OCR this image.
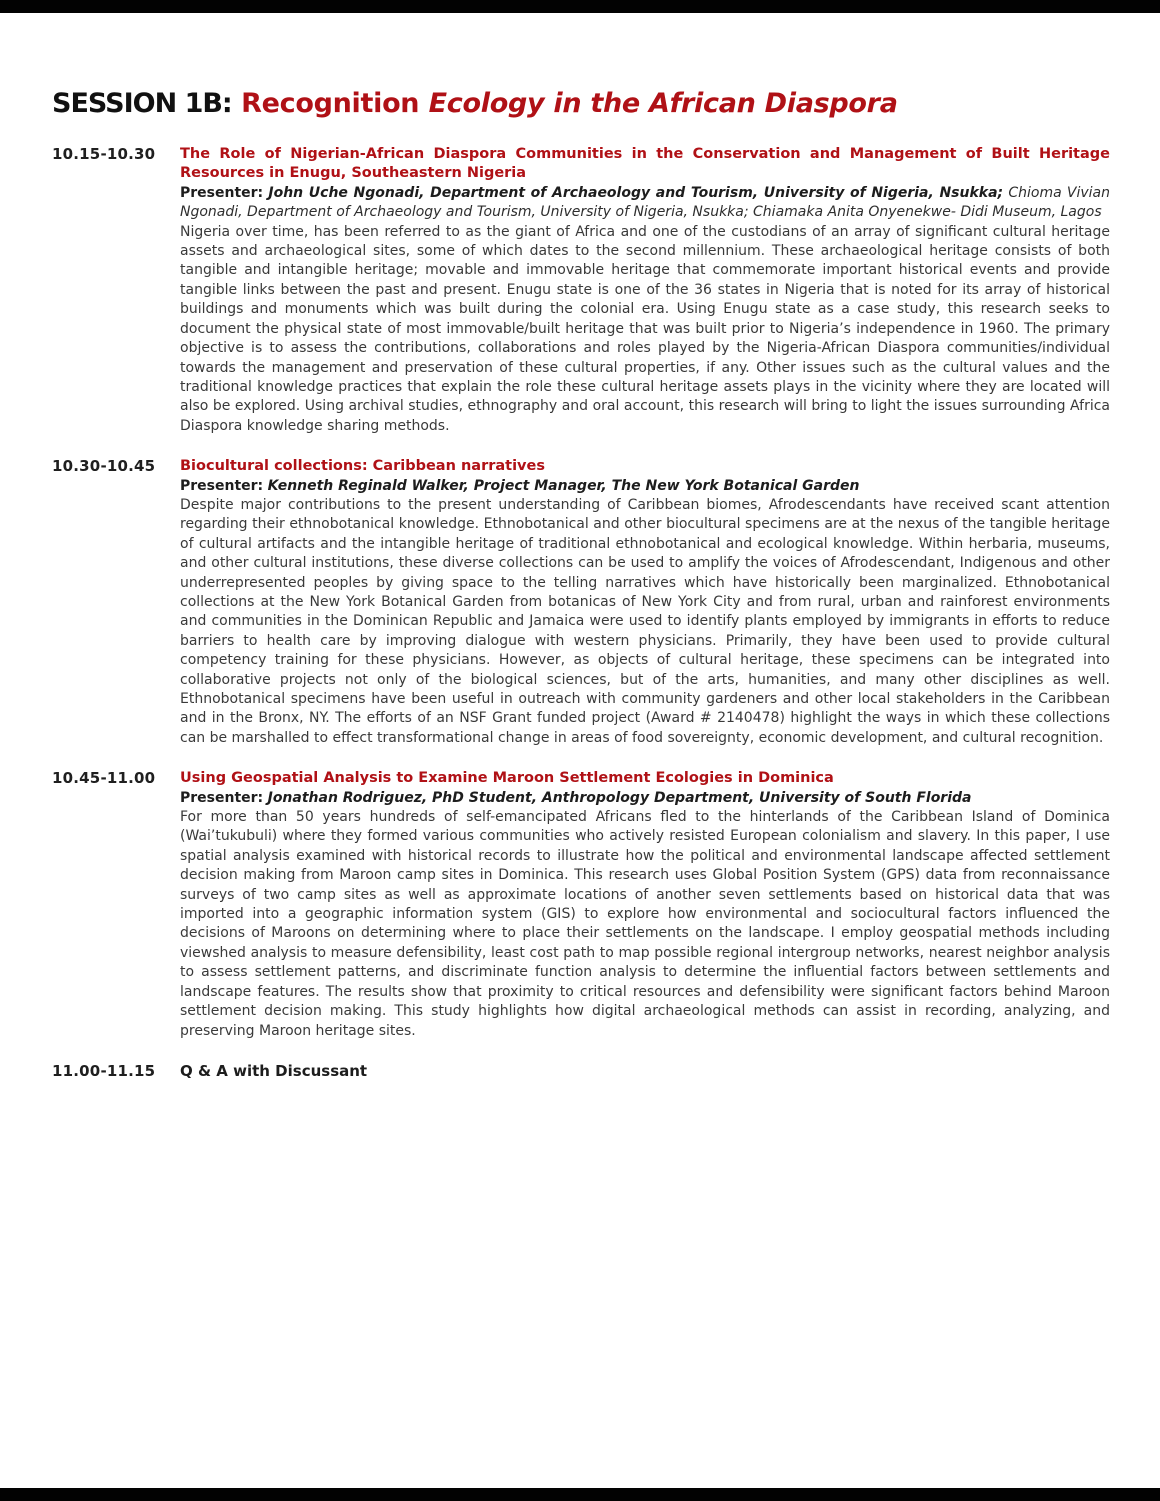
SESSION 1B: Recognition Ecology in the African Diaspora
10.15-10.30	The Role of Nigerian-African Diaspora Communities in the Conservation and Management of Built Heritage Resources in Enugu, Southeastern Nigeria
Presenter: John Uche Ngonadi, Department of Archaeology and Tourism, University of Nigeria, Nsukka; Chioma Vivian Ngonadi, Department of Archaeology and Tourism, University of Nigeria, Nsukka; Chiamaka Anita Onyenekwe- Didi Museum, Lagos
Nigeria over time, has been referred to as the giant of Africa and one of the custodians of an array of significant cultural heritage assets and archaeological sites, some of which dates to the second millennium. These archaeological heritage consists of both tangible and intangible heritage; movable and immovable heritage that commemorate important historical events and provide tangible links between the past and present. Enugu state is one of the 36 states in Nigeria that is noted for its array of historical buildings and monuments which was built during the colonial era. Using Enugu state as a case study, this research seeks to document the physical state of most immovable/built heritage that was built prior to Nigeria’s independence in 1960. The primary objective is to assess the contributions, collaborations and roles played by the Nigeria-African Diaspora communities/individual towards the management and preservation of these cultural properties, if any. Other issues such as the cultural values and the traditional knowledge practices that explain the role these cultural heritage assets plays in the vicinity where they are located will also be explored. Using archival studies, ethnography and oral account, this research will bring to light the issues surrounding Africa Diaspora knowledge sharing methods.
10.30-10.45	Biocultural collections: Caribbean narratives
Presenter: Kenneth Reginald Walker, Project Manager, The New York Botanical Garden
Despite major contributions to the present understanding of Caribbean biomes, Afrodescendants have received scant attention regarding their ethnobotanical knowledge. Ethnobotanical and other biocultural specimens are at the nexus of the tangible heritage of cultural artifacts and the intangible heritage of traditional ethnobotanical and ecological knowledge. Within herbaria, museums, and other cultural institutions, these diverse collections can be used to amplify the voices of Afrodescendant, Indigenous and other underrepresented peoples by giving space to the telling narratives which have historically been marginalized. Ethnobotanical collections at the New York Botanical Garden from botanicas of New York City and from rural, urban and rainforest environments and communities in the Dominican Republic and Jamaica were used to identify plants employed by immigrants in efforts to reduce barriers to health care by improving dialogue with western physicians. Primarily, they have been used to provide cultural competency training for these physicians. However, as objects of cultural heritage, these specimens can be integrated into collaborative projects not only of the biological sciences, but of the arts, humanities, and many other disciplines as well. Ethnobotanical specimens have been useful in outreach with community gardeners and other local stakeholders in the Caribbean and in the Bronx, NY. The efforts of an NSF Grant funded project (Award # 2140478) highlight the ways in which these collections can be marshalled to effect transformational change in areas of food sovereignty, economic development, and cultural recognition.
10.45-11.00	Using Geospatial Analysis to Examine Maroon Settlement Ecologies in Dominica
Presenter: Jonathan Rodriguez, PhD Student, Anthropology Department, University of South Florida
For more than 50 years hundreds of self-emancipated Africans fled to the hinterlands of the Caribbean Island of Dominica (Wai’tukubuli) where they formed various communities who actively resisted European colonialism and slavery. In this paper, I use spatial analysis examined with historical records to illustrate how the political and environmental landscape affected settlement decision making from Maroon camp sites in Dominica. This research uses Global Position System (GPS) data from reconnaissance surveys of two camp sites as well as approximate locations of another seven settlements based on historical data that was imported into a geographic information system (GIS) to explore how environmental and sociocultural factors influenced the decisions of Maroons on determining where to place their settlements on the landscape. I employ geospatial methods including viewshed analysis to measure defensibility, least cost path to map possible regional intergroup networks, nearest neighbor analysis to assess settlement patterns, and discriminate function analysis to determine the influential factors between settlements and landscape features. The results show that proximity to critical resources and defensibility were significant factors behind Maroon settlement decision making. This study highlights how digital archaeological methods can assist in recording, analyzing, and preserving Maroon heritage sites.
11.00-11.15	Q & A with Discussant
